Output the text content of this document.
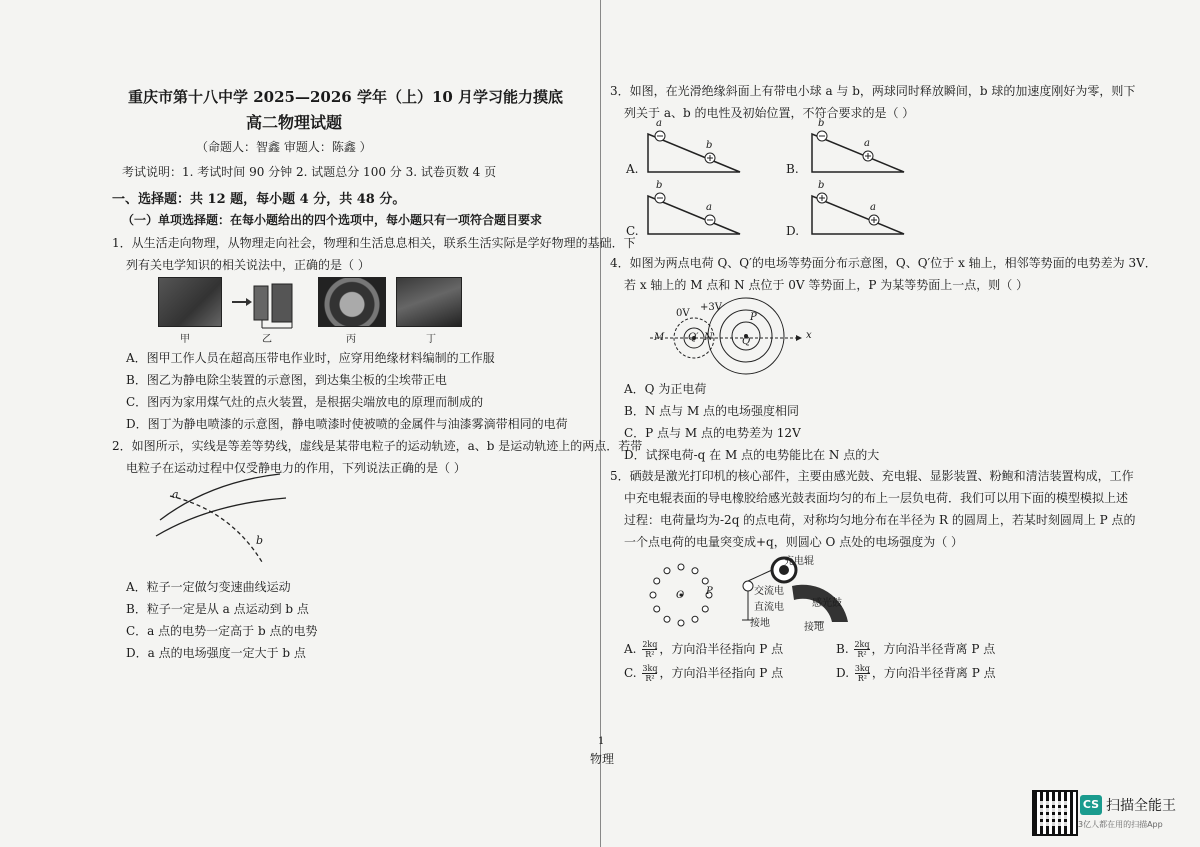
重庆市第十八中学 2025—2026 学年（上）10 月学习能力摸底
高二物理试题
（命题人：智鑫 审题人：陈鑫 ）
考试说明：1. 考试时间 90 分钟 2. 试题总分 100 分 3. 试卷页数 4 页
一、选择题：共 12 题，每小题 4 分，共 48 分。
（一）单项选择题：在每小题给出的四个选项中，每小题只有一项符合题目要求
1．从生活走向物理，从物理走向社会，物理和生活息息相关，联系生活实际是学好物理的基础．下
列有关电学知识的相关说法中，正确的是（ ）
甲	乙	丙	丁
A．图甲工作人员在超高压带电作业时，应穿用绝缘材料编制的工作服
B．图乙为静电除尘装置的示意图，到达集尘板的尘埃带正电
C．图丙为家用煤气灶的点火装置，是根据尖端放电的原理而制成的
D．图丁为静电喷漆的示意图，静电喷漆时使被喷的金属件与油漆雾滴带相同的电荷
2．如图所示，实线是等差等势线，虚线是某带电粒子的运动轨迹，a、b 是运动轨迹上的两点．若带
电粒子在运动过程中仅受静电力的作用，下列说法正确的是（ ）
a
b
A．粒子一定做匀变速曲线运动
B．粒子一定是从 a 点运动到 b 点
C．a 点的电势一定高于 b 点的电势
D．a 点的电场强度一定大于 b 点
3．如图，在光滑绝缘斜面上有带电小球 a 与 b，两球同时释放瞬间，b 球的加速度刚好为零，则下
列关于 a、b 的电性及初始位置，不符合要求的是（ ）
A.
a
b
B.
b
a
C.
b
a
D.
b
a
4．如图为两点电荷 Q、Q′的电场等势面分布示意图，Q、Q′位于 x 轴上，相邻等势面的电势差为 3V．
若 x 轴上的 M 点和 N 点位于 0V 等势面上，P 为某等势面上一点，则（ ）
0V
+3V
M	N
Q′	Q
P
x
A．Q 为正电荷
B．N 点与 M 点的电场强度相同
C．P 点与 M 点的电势差为 12V
D．试探电荷-q 在 M 点的电势能比在 N 点的大
5．硒鼓是激光打印机的核心部件，主要由感光鼓、充电辊、显影装置、粉鲍和清洁装置构成，工作
中充电辊表面的导电橡胶给感光鼓表面均匀的布上一层负电荷．我们可以用下面的模型模拟上述
过程：电荷量均为-2q 的点电荷，对称均匀地分布在半径为 R 的圆周上，若某时刻圆周上 P 点的
一个点电荷的电量突变成+q，则圆心 O 点处的电场强度为（ ）
O P
充电辊
交流电
直流电
接地
感光鼓
接地
A. $\frac{2kq}{\text{R²}}$ ，方向沿半径指向 P 点	B. $\frac{2kq}{\text{R²}}$ ，方向沿半径背离 P 点
C. $\frac{3kq}{\text{R²}}$ ，方向沿半径指向 P 点	D. $\frac{3kq}{\text{R²}}$ ，方向沿半径背离 P 点
1
物理
CS 扫描全能王
3亿人都在用的扫描App
